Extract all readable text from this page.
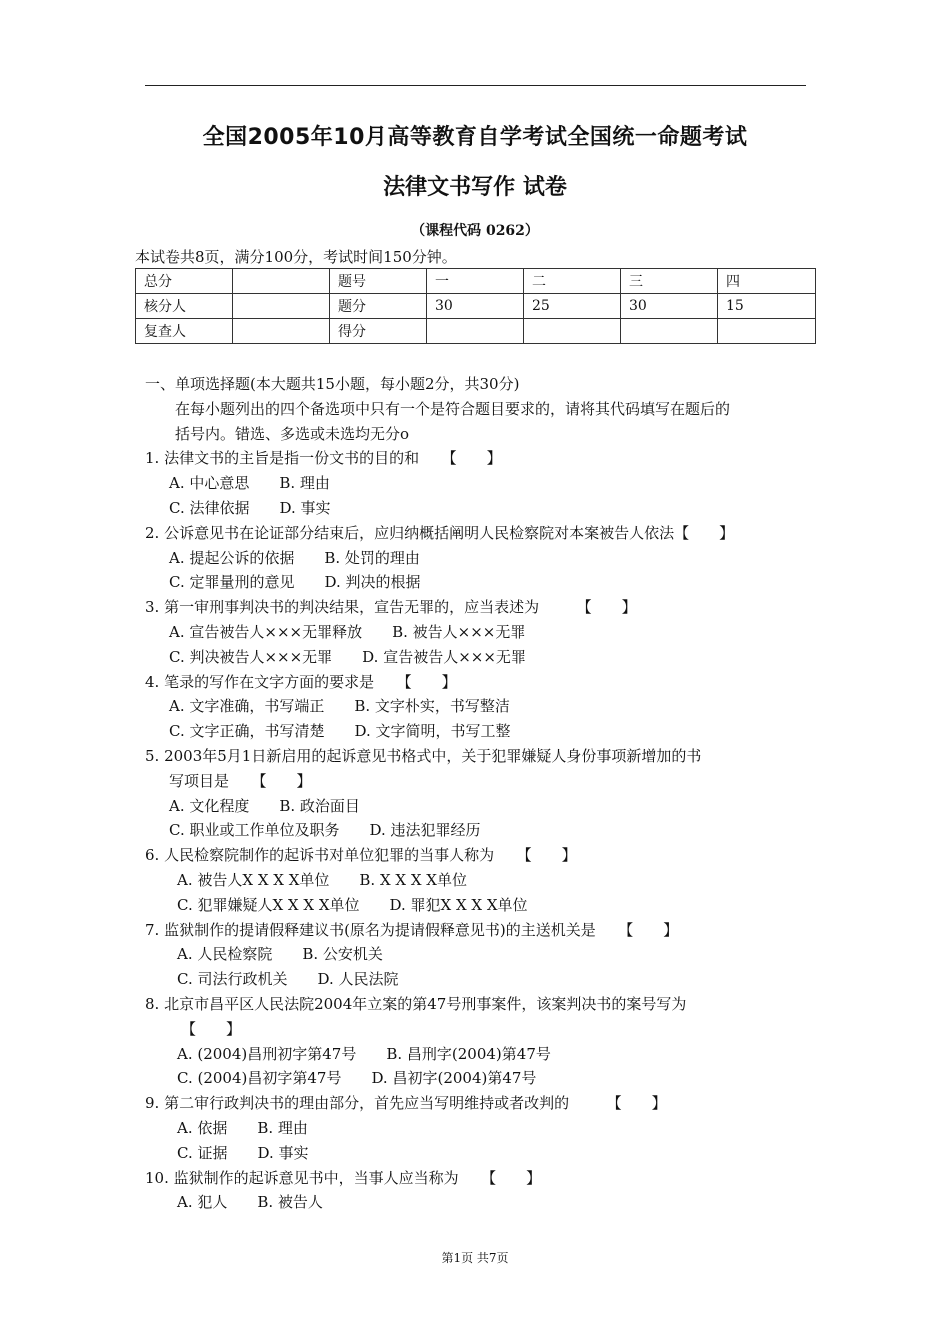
全国2005年10月高等教育自学考试全国统一命题考试
法律文书写作 试卷
（课程代码 0262）
本试卷共8页，满分100分，考试时间150分钟。
总分		题号	一	二	三	四
核分人		题分	30	25	30	15
复查人		得分				
一、单项选择题(本大题共15小题，每小题2分，共30分)
在每小题列出的四个备选项中只有一个是符合题目要求的，请将其代码填写在题后的
括号内。错选、多选或未选均无分o
1. 法律文书的主旨是指一份文书的目的和　　【　　】
A. 中心意思　　B. 理由
C. 法律依据　　D. 事实
2. 公诉意见书在论证部分结束后，应归纳概括阐明人民检察院对本案被告人依法【　　】
A. 提起公诉的依据　　B. 处罚的理由
C. 定罪量刑的意见　　D. 判决的根据
3. 第一审刑事判决书的判决结果，宣告无罪的，应当表述为　　　【　　】
A. 宣告被告人×××无罪释放　　B. 被告人×××无罪
C. 判决被告人×××无罪　　D. 宣告被告人×××无罪
4. 笔录的写作在文字方面的要求是　　【　　】
A. 文字准确，书写端正　　B. 文字朴实，书写整洁
C. 文字正确，书写清楚　　D. 文字简明，书写工整
5. 2003年5月1日新启用的起诉意见书格式中，关于犯罪嫌疑人身份事项新增加的书
写项目是　　【　　】
A. 文化程度　　B. 政治面目
C. 职业或工作单位及职务　　D. 违法犯罪经历
6. 人民检察院制作的起诉书对单位犯罪的当事人称为　　【　　】
A. 被告人X X X X单位　　B. X X X X单位
C. 犯罪嫌疑人X X X X单位　　D. 罪犯X X X X单位
7. 监狱制作的提请假释建议书(原名为提请假释意见书)的主送机关是　　【　　】
A. 人民检察院　　B. 公安机关
C. 司法行政机关　　D. 人民法院
8. 北京市昌平区人民法院2004年立案的第47号刑事案件，该案判决书的案号写为
【　　】
A. (2004)昌刑初字第47号　　B. 昌刑字(2004)第47号
C. (2004)昌初字第47号　　D. 昌初字(2004)第47号
9. 第二审行政判决书的理由部分，首先应当写明维持或者改判的　　　【　　】
A. 依据　　B. 理由
C. 证据　　D. 事实
10. 监狱制作的起诉意见书中，当事人应当称为　　【　　】
A. 犯人　　B. 被告人
第1页 共7页
